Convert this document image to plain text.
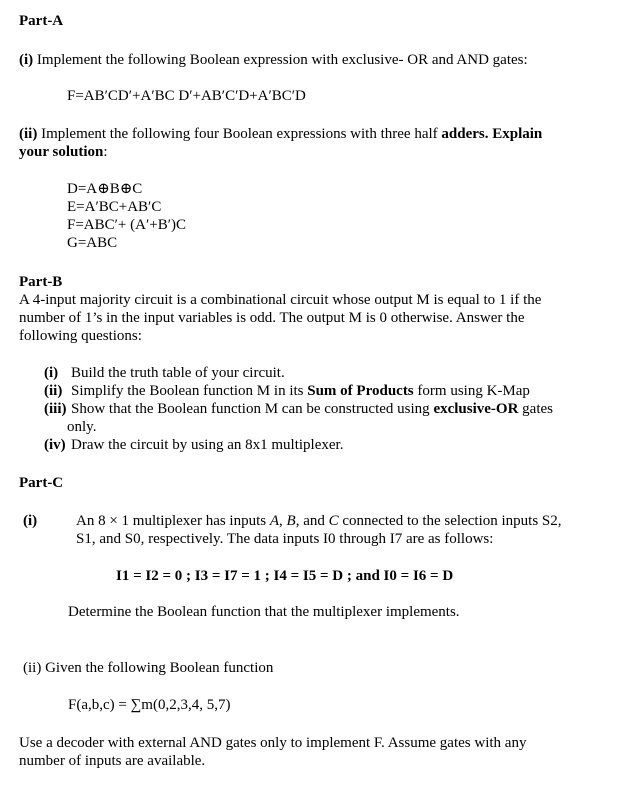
Part-A
(i) Implement the following Boolean expression with exclusive- OR and AND gates:
F=AB′CD′+A′BC D′+AB′C′D+A′BC′D
(ii) Implement the following four Boolean expressions with three half adders. Explain
your solution:
D=A⊕B⊕C
E=A′BC+AB′C
F=ABC′+ (A′+B′)C
G=ABC
Part-B
A 4-input majority circuit is a combinational circuit whose output M is equal to 1 if the
number of 1’s in the input variables is odd. The output M is 0 otherwise. Answer the
following questions:
(i) Build the truth table of your circuit.
(ii) Simplify the Boolean function M in its Sum of Products form using K-Map
(iii) Show that the Boolean function M can be constructed using exclusive-OR gates
only.
(iv) Draw the circuit by using an 8x1 multiplexer.
Part-C
(i)	An 8 × 1 multiplexer has inputs A, B, and C connected to the selection inputs S2,
S1, and S0, respectively. The data inputs I0 through I7 are as follows:
I1 = I2 = 0 ; I3 = I7 = 1 ; I4 = I5 = D ; and I0 = I6 = D
Determine the Boolean function that the multiplexer implements.
(ii) Given the following Boolean function
F(a,b,c) = ∑m(0,2,3,4, 5,7)
Use a decoder with external AND gates only to implement F. Assume gates with any
number of inputs are available.
